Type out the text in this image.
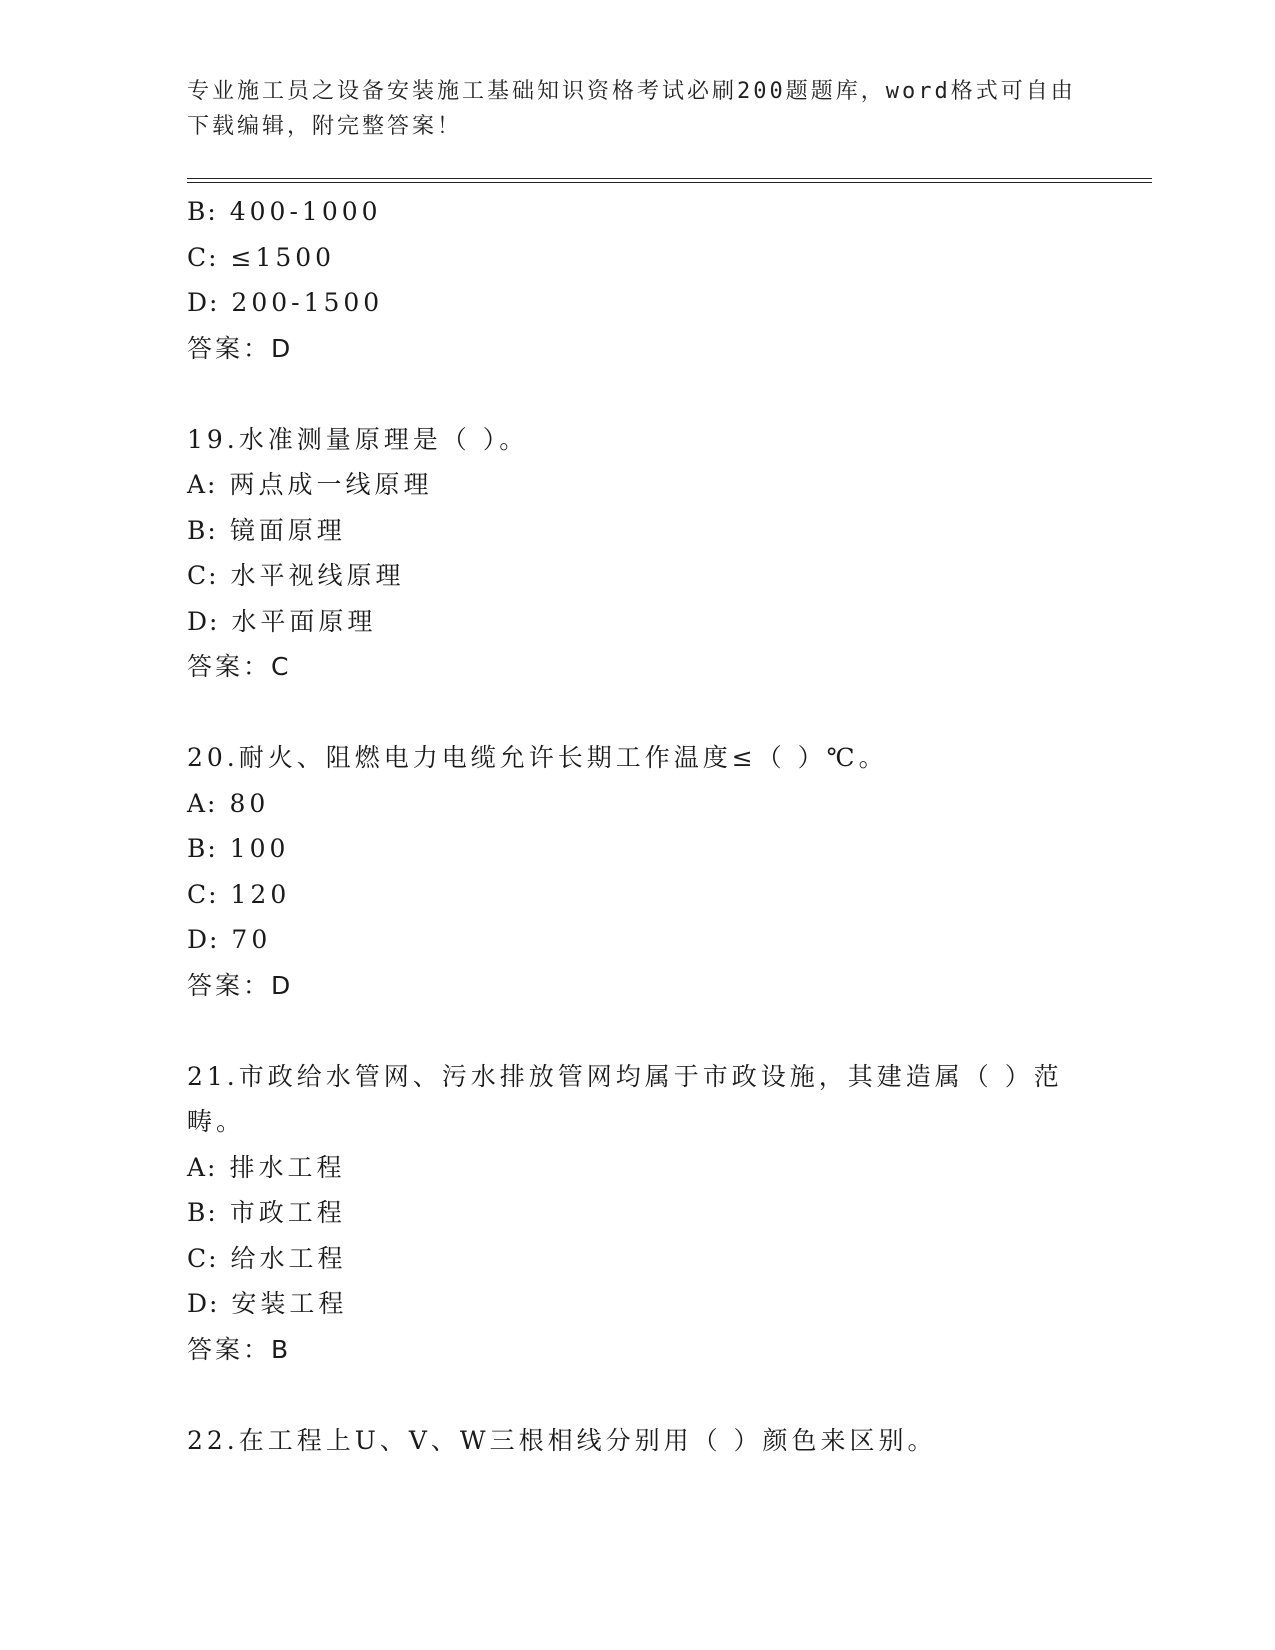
专业施工员之设备安装施工基础知识资格考试必刷200题题库，word格式可自由下载编辑，附完整答案！
B: 400-1000
C: ≤1500
D: 200-1500
答案：D
19.水准测量原理是（ ）。
A: 两点成一线原理
B: 镜面原理
C: 水平视线原理
D: 水平面原理
答案：C
20.耐火、阻燃电力电缆允许长期工作温度≤（ ）℃。
A: 80
B: 100
C: 120
D: 70
答案：D
21.市政给水管网、污水排放管网均属于市政设施，其建造属（ ）范畴。
A: 排水工程
B: 市政工程
C: 给水工程
D: 安装工程
答案：B
22.在工程上U、V、W三根相线分别用（ ）颜色来区别。
